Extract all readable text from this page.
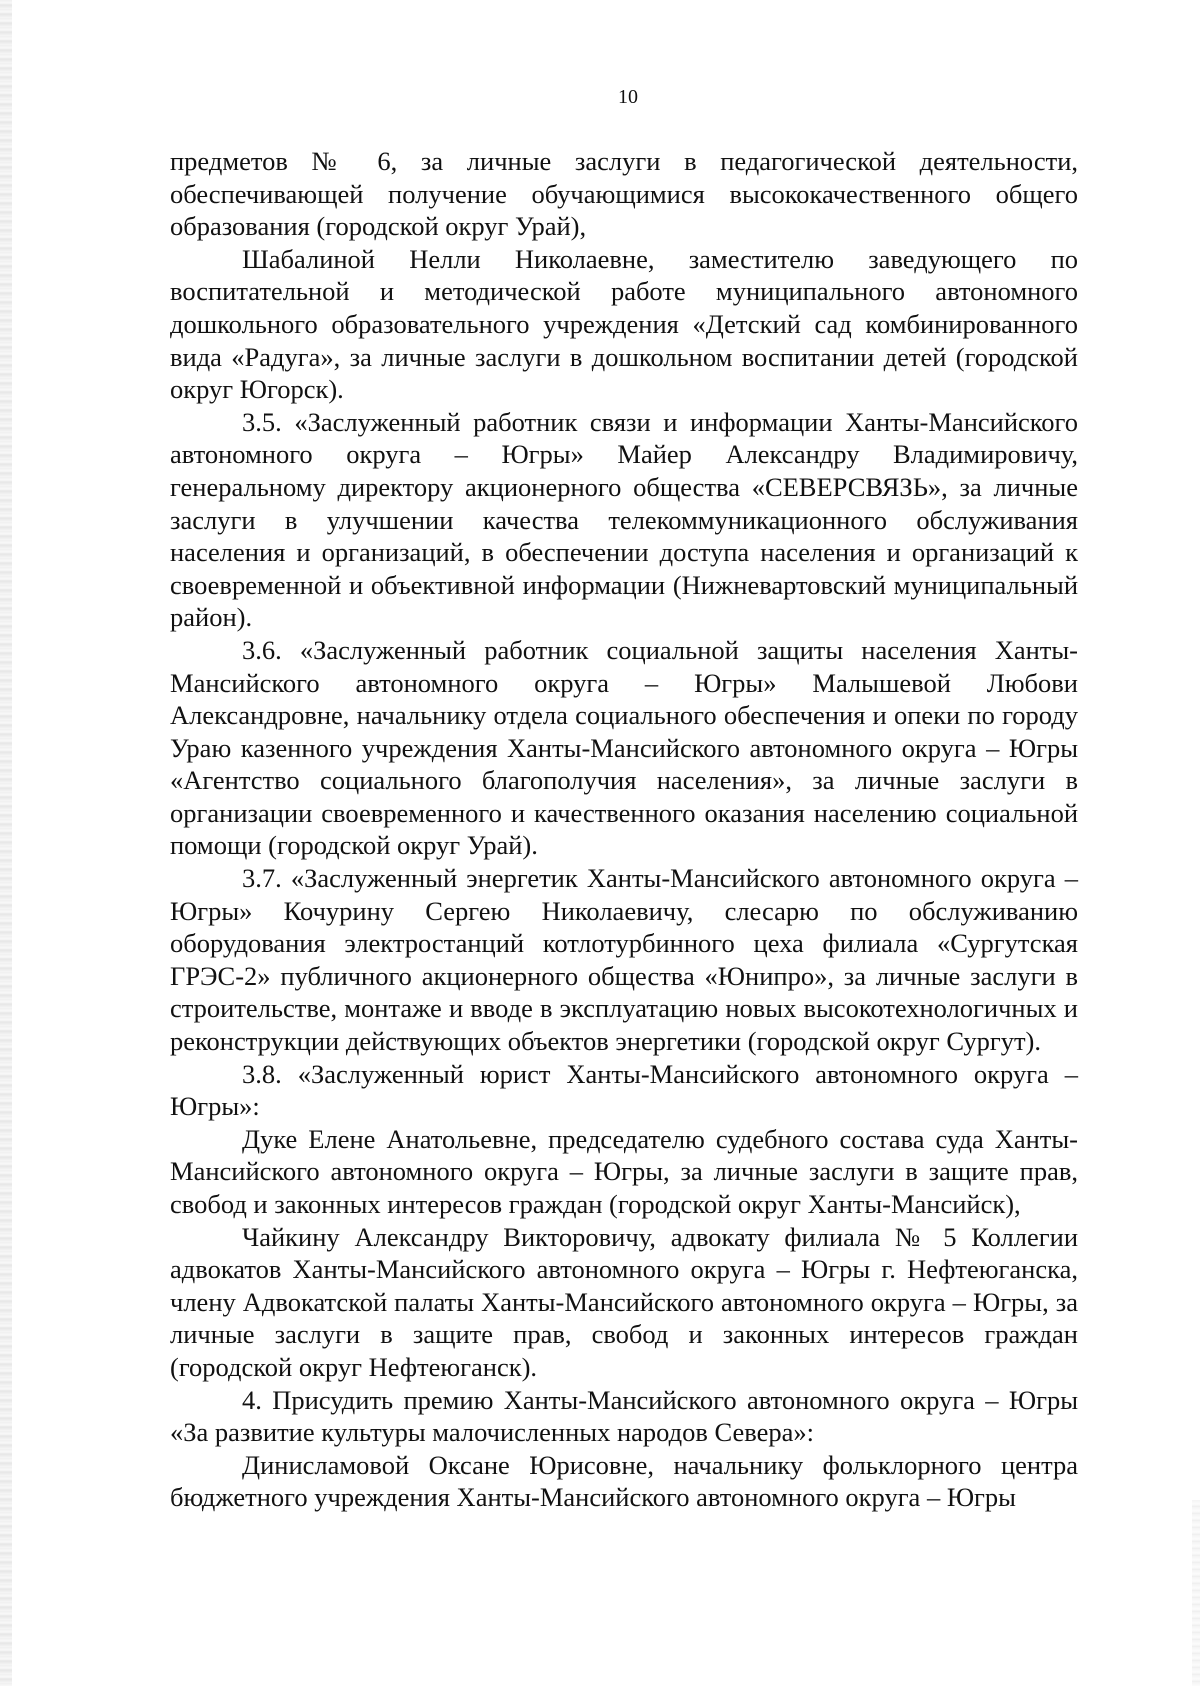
10

предметов № 6, за личные заслуги в педагогической деятельности, обеспечивающей получение обучающимися высококачественного общего образования (городской округ Урай),

Шабалиной Нелли Николаевне, заместителю заведующего по воспитательной и методической работе муниципального автономного дошкольного образовательного учреждения «Детский сад комбинированного вида «Радуга», за личные заслуги в дошкольном воспитании детей (городской округ Югорск).

3.5. «Заслуженный работник связи и информации Ханты-Мансийского автономного округа – Югры» Майер Александру Владимировичу, генеральному директору акционерного общества «СЕВЕРСВЯЗЬ», за личные заслуги в улучшении качества телекоммуникационного обслуживания населения и организаций, в обеспечении доступа населения и организаций к своевременной и объективной информации (Нижневартовский муниципальный район).

3.6. «Заслуженный работник социальной защиты населения Ханты-Мансийского автономного округа – Югры» Малышевой Любови Александровне, начальнику отдела социального обеспечения и опеки по городу Ураю казенного учреждения Ханты-Мансийского автономного округа – Югры «Агентство социального благополучия населения», за личные заслуги в организации своевременного и качественного оказания населению социальной помощи (городской округ Урай).

3.7. «Заслуженный энергетик Ханты-Мансийского автономного округа – Югры» Кочурину Сергею Николаевичу, слесарю по обслуживанию оборудования электростанций котлотурбинного цеха филиала «Сургутская ГРЭС-2» публичного акционерного общества «Юнипро», за личные заслуги в строительстве, монтаже и вводе в эксплуатацию новых высокотехнологичных и реконструкции действующих объектов энергетики (городской округ Сургут).

3.8. «Заслуженный юрист Ханты-Мансийского автономного округа – Югры»:

Дуке Елене Анатольевне, председателю судебного состава суда Ханты-Мансийского автономного округа – Югры, за личные заслуги в защите прав, свобод и законных интересов граждан (городской округ Ханты-Мансийск),

Чайкину Александру Викторовичу, адвокату филиала № 5 Коллегии адвокатов Ханты-Мансийского автономного округа – Югры г. Нефтеюганска, члену Адвокатской палаты Ханты-Мансийского автономного округа – Югры, за личные заслуги в защите прав, свобод и законных интересов граждан (городской округ Нефтеюганск).

4. Присудить премию Ханты-Мансийского автономного округа – Югры «За развитие культуры малочисленных народов Севера»:

Динисламовой Оксане Юрисовне, начальнику фольклорного центра бюджетного учреждения Ханты-Мансийского автономного округа – Югры
